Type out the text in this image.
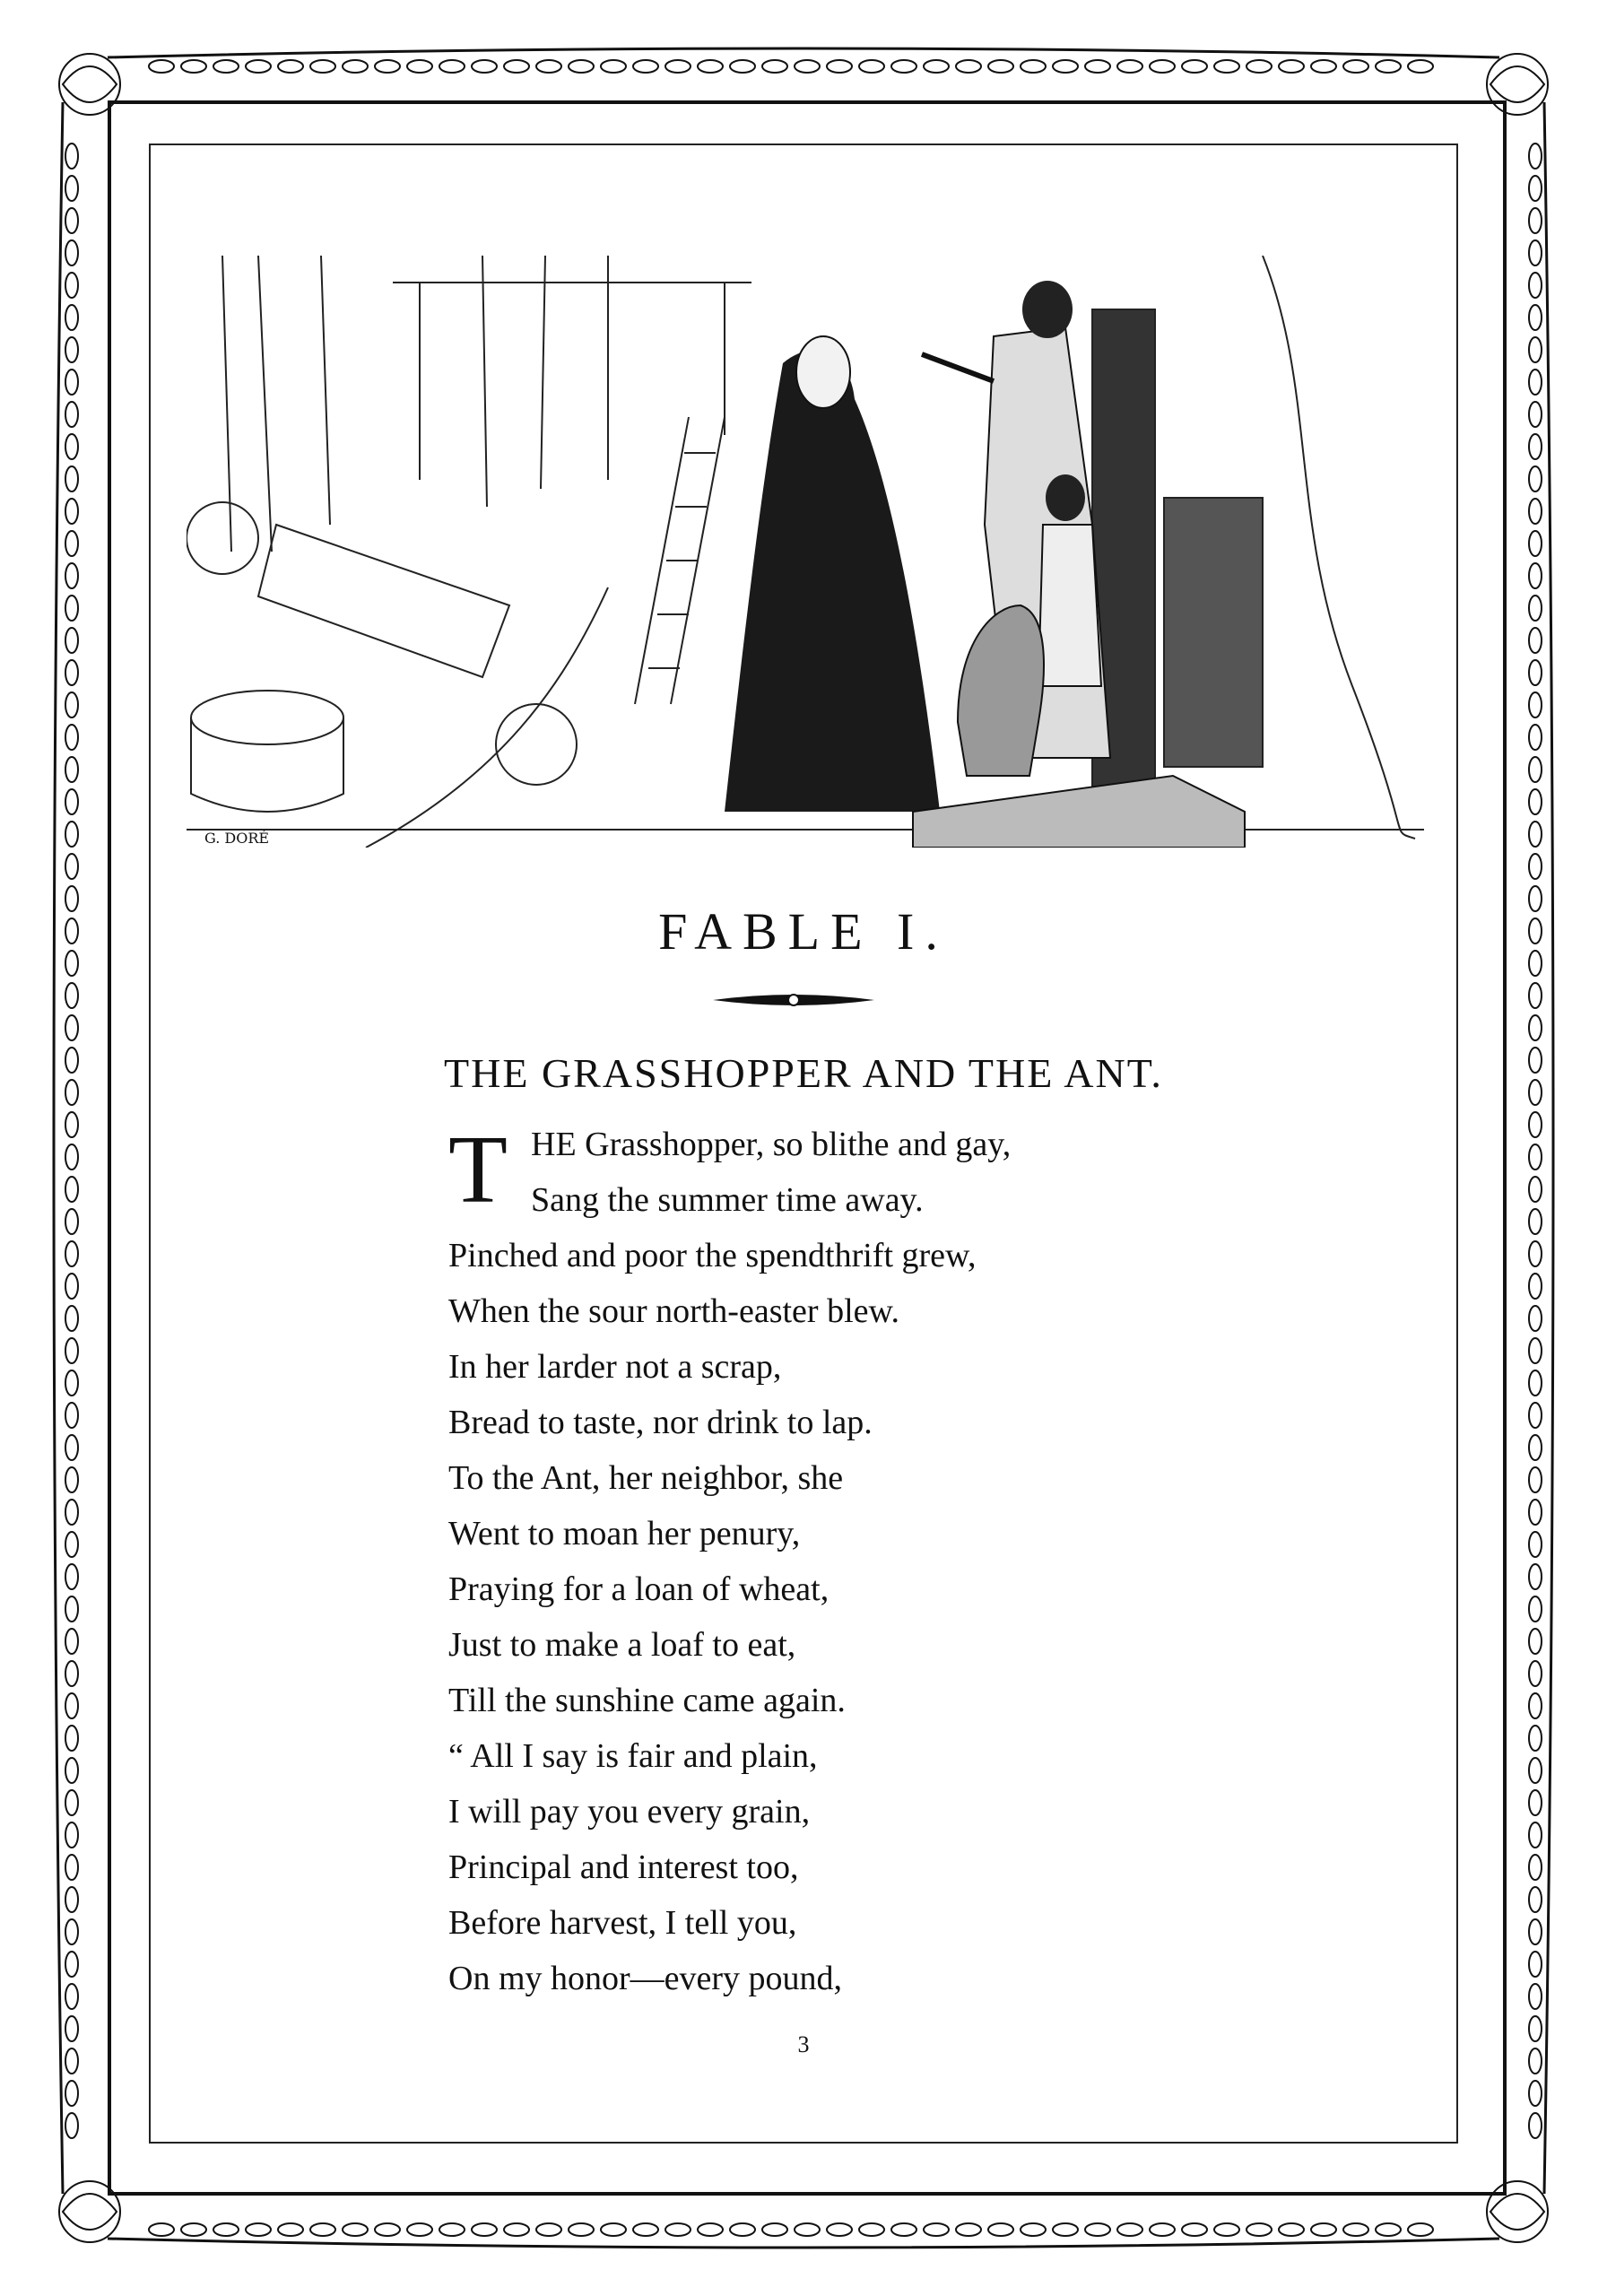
G. DORÉ
FABLE I.
THE GRASSHOPPER AND THE ANT.
T HE Grasshopper, so blithe and gay,
Sang the summer time away.
Pinched and poor the spendthrift grew,
When the sour north-easter blew.
In her larder not a scrap,
Bread to taste, nor drink to lap.
To the Ant, her neighbor, she
Went to moan her penury,
Praying for a loan of wheat,
Just to make a loaf to eat,
Till the sunshine came again.
“ All I say is fair and plain,
I will pay you every grain,
Principal and interest too,
Before harvest, I tell you,
On my honor—every pound,
3
